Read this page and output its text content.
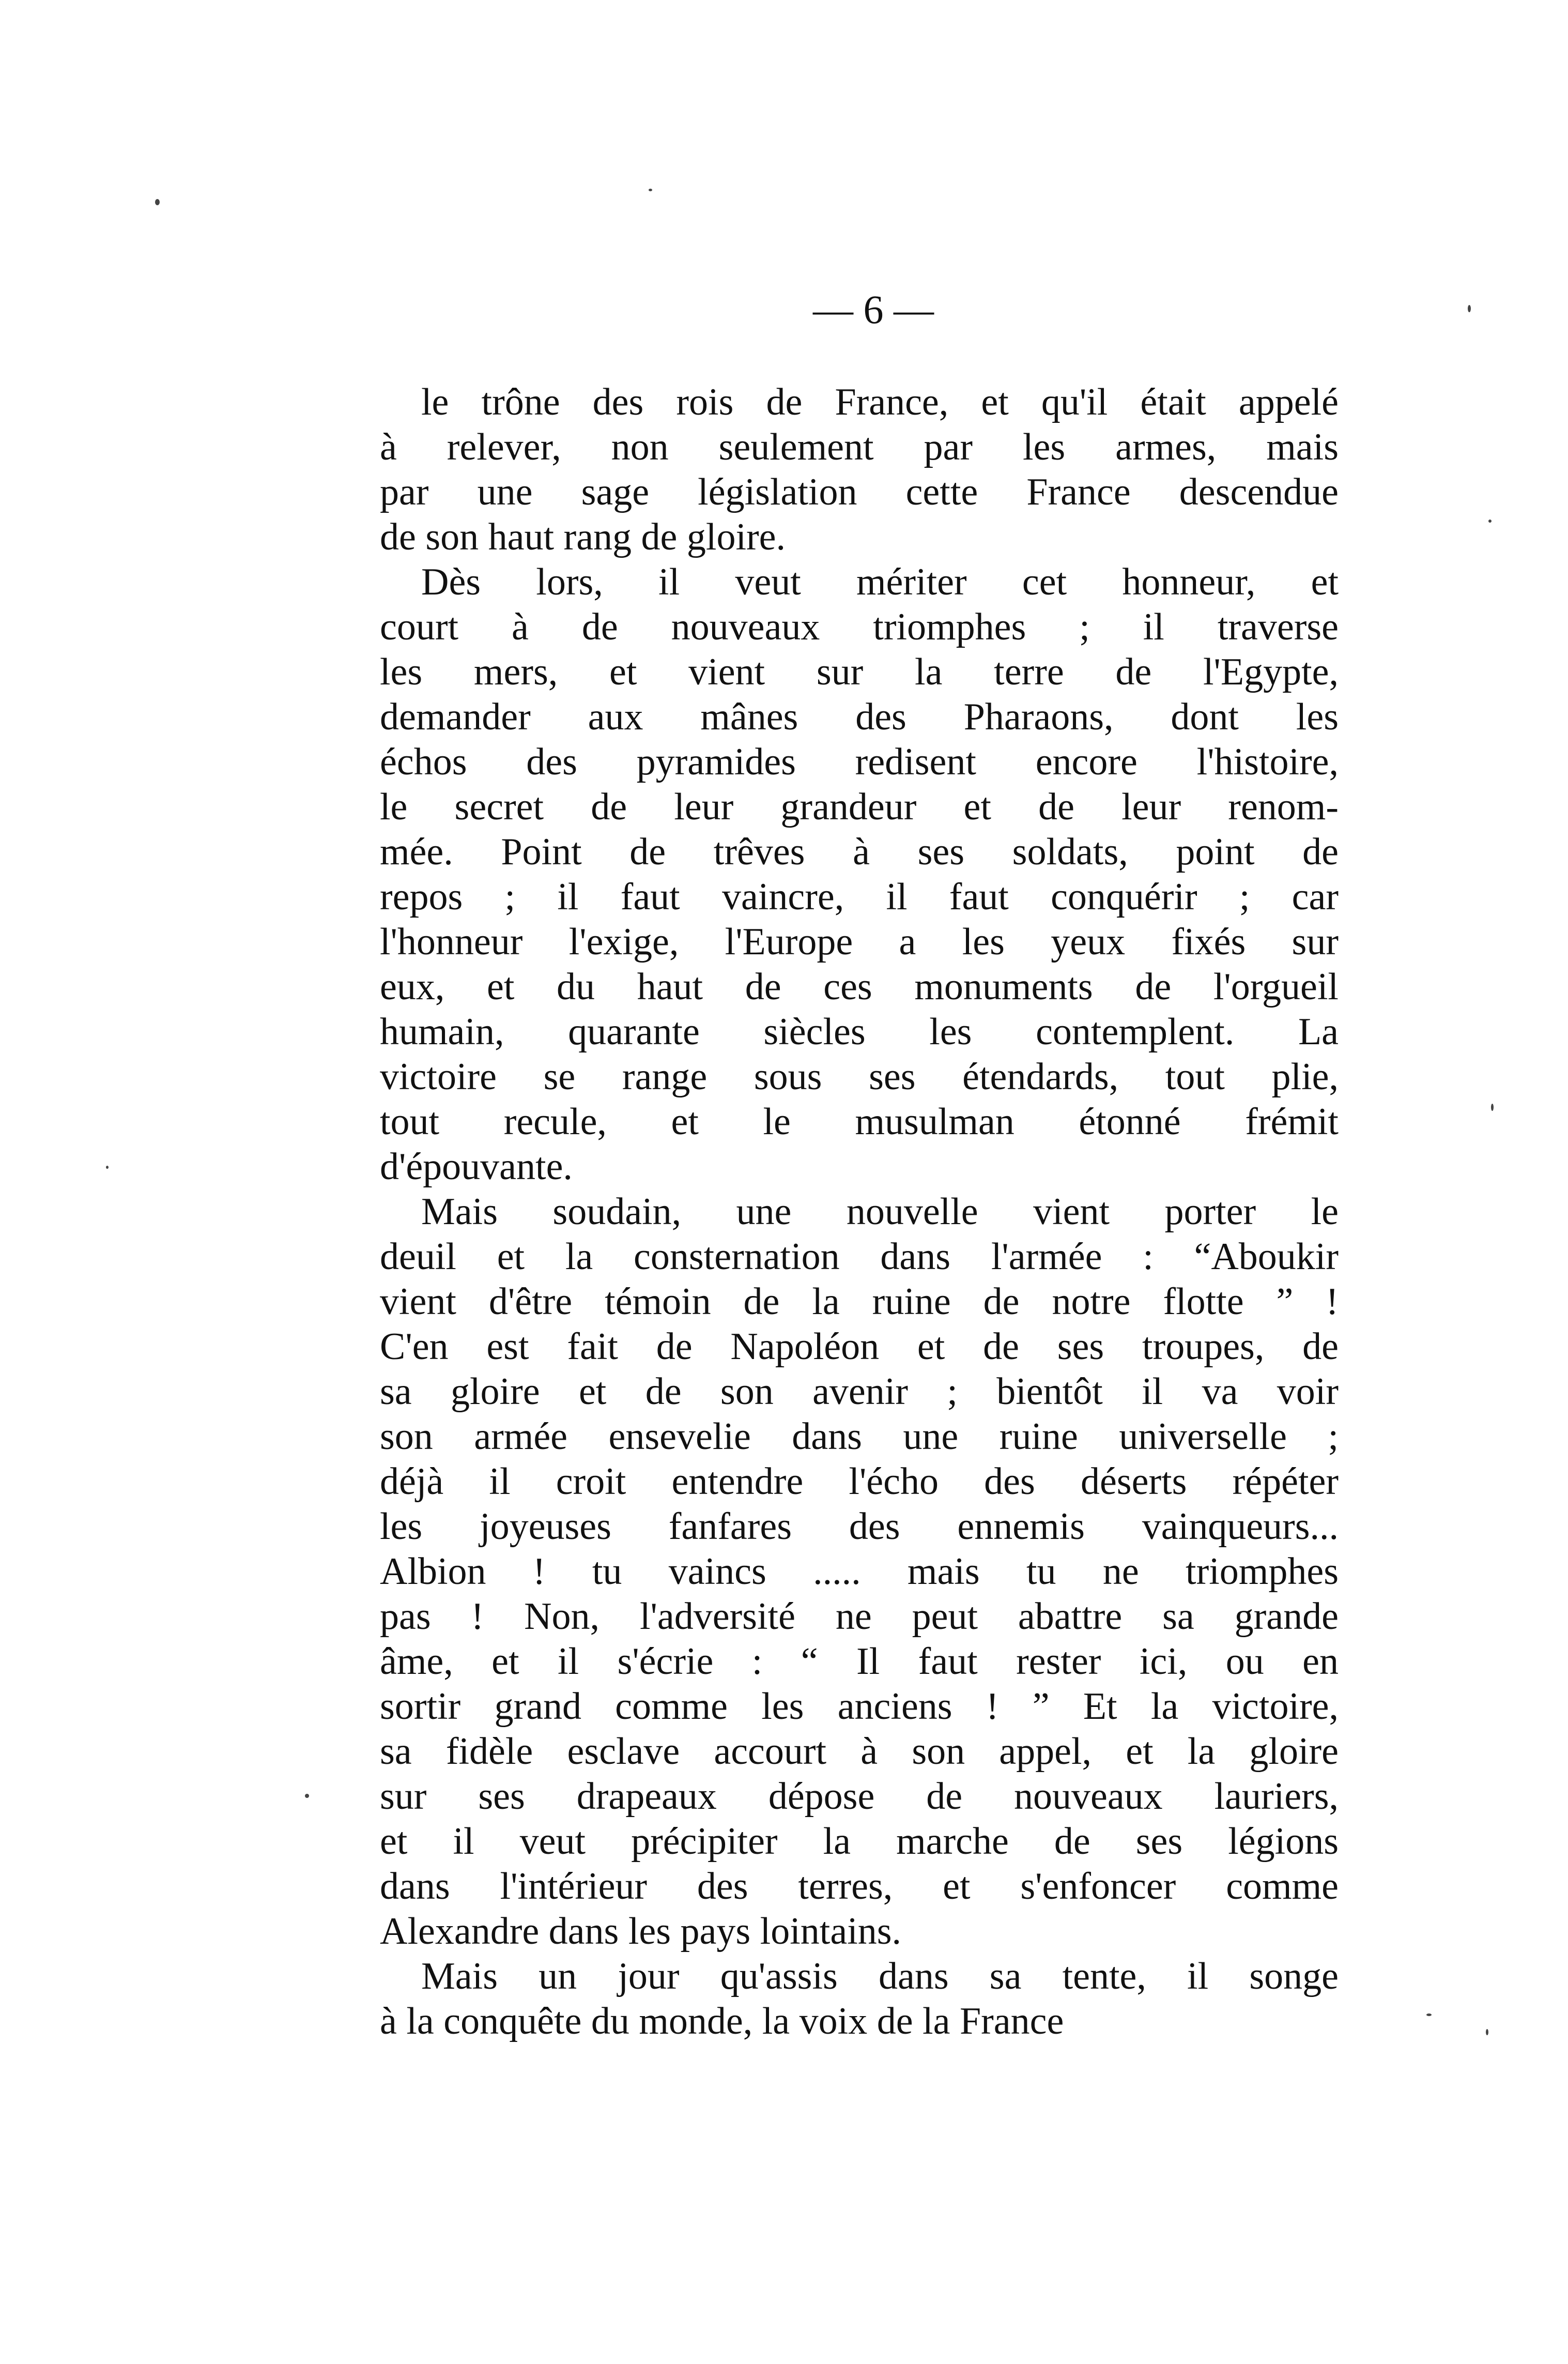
— 6 —
le trône des rois de France, et qu'il était appelé
à relever, non seulement par les armes, mais
par une sage législation cette France descendue
de son haut rang de gloire.
Dès lors, il veut mériter cet honneur, et
court à de nouveaux triomphes ; il traverse
les mers, et vient sur la terre de l'Egypte,
demander aux mânes des Pharaons, dont les
échos des pyramides redisent encore l'histoire,
le secret de leur grandeur et de leur renom-
mée. Point de trêves à ses soldats, point de
repos ; il faut vaincre, il faut conquérir ; car
l'honneur l'exige, l'Europe a les yeux fixés sur
eux, et du haut de ces monuments de l'orgueil
humain, quarante siècles les contemplent. La
victoire se range sous ses étendards, tout plie,
tout recule, et le musulman étonné frémit
d'épouvante.
Mais soudain, une nouvelle vient porter le
deuil et la consternation dans l'armée : “Aboukir
vient d'être témoin de la ruine de notre flotte ” !
C'en est fait de Napoléon et de ses troupes, de
sa gloire et de son avenir ; bientôt il va voir
son armée ensevelie dans une ruine universelle ;
déjà il croit entendre l'écho des déserts répéter
les joyeuses fanfares des ennemis vainqueurs...
Albion ! tu vaincs ..... mais tu ne triomphes
pas ! Non, l'adversité ne peut abattre sa grande
âme, et il s'écrie : “ Il faut rester ici, ou en
sortir grand comme les anciens ! ” Et la victoire,
sa fidèle esclave accourt à son appel, et la gloire
sur ses drapeaux dépose de nouveaux lauriers,
et il veut précipiter la marche de ses légions
dans l'intérieur des terres, et s'enfoncer comme
Alexandre dans les pays lointains.
Mais un jour qu'assis dans sa tente, il songe
à la conquête du monde, la voix de la France
